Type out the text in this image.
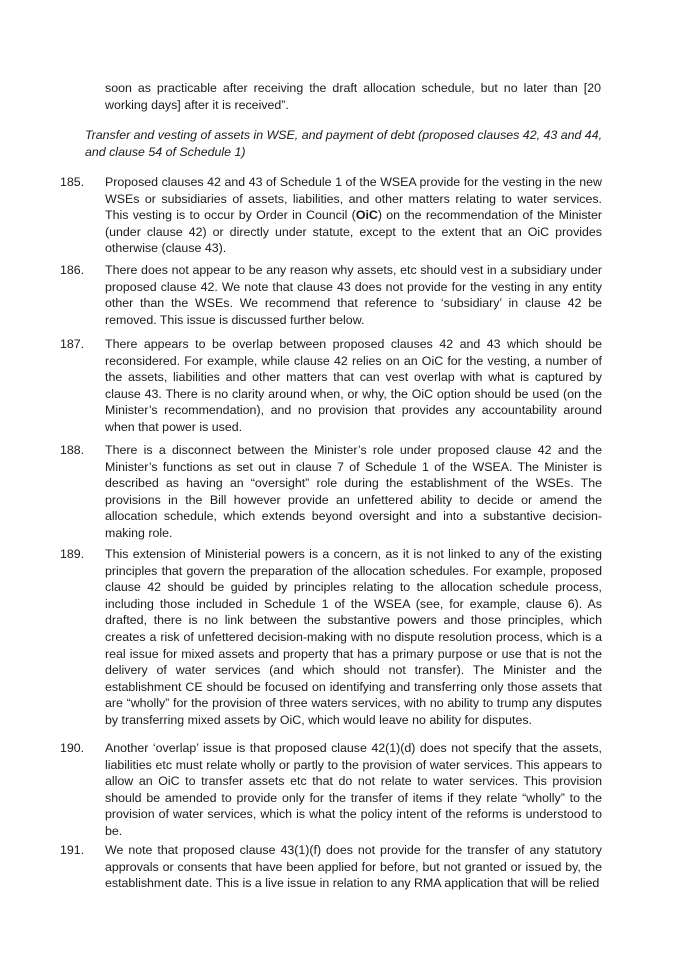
soon as practicable after receiving the draft allocation schedule, but no later than [20 working days] after it is received”.

Transfer and vesting of assets in WSE, and payment of debt (proposed clauses 42, 43 and 44, and clause 54 of Schedule 1)

185.	Proposed clauses 42 and 43 of Schedule 1 of the WSEA provide for the vesting in the new WSEs or subsidiaries of assets, liabilities, and other matters relating to water services. This vesting is to occur by Order in Council (OiC) on the recommendation of the Minister (under clause 42) or directly under statute, except to the extent that an OiC provides otherwise (clause 43).

186.	There does not appear to be any reason why assets, etc should vest in a subsidiary under proposed clause 42. We note that clause 43 does not provide for the vesting in any entity other than the WSEs. We recommend that reference to ‘subsidiary’ in clause 42 be removed. This issue is discussed further below.

187.	There appears to be overlap between proposed clauses 42 and 43 which should be reconsidered. For example, while clause 42 relies on an OiC for the vesting, a number of the assets, liabilities and other matters that can vest overlap with what is captured by clause 43. There is no clarity around when, or why, the OiC option should be used (on the Minister’s recommendation), and no provision that provides any accountability around when that power is used.

188.	There is a disconnect between the Minister’s role under proposed clause 42 and the Minister’s functions as set out in clause 7 of Schedule 1 of the WSEA. The Minister is described as having an “oversight” role during the establishment of the WSEs. The provisions in the Bill however provide an unfettered ability to decide or amend the allocation schedule, which extends beyond oversight and into a substantive decision-making role.

189.	This extension of Ministerial powers is a concern, as it is not linked to any of the existing principles that govern the preparation of the allocation schedules. For example, proposed clause 42 should be guided by principles relating to the allocation schedule process, including those included in Schedule 1 of the WSEA (see, for example, clause 6). As drafted, there is no link between the substantive powers and those principles, which creates a risk of unfettered decision-making with no dispute resolution process, which is a real issue for mixed assets and property that has a primary purpose or use that is not the delivery of water services (and which should not transfer). The Minister and the establishment CE should be focused on identifying and transferring only those assets that are “wholly” for the provision of three waters services, with no ability to trump any disputes by transferring mixed assets by OiC, which would leave no ability for disputes.

190.	Another ‘overlap’ issue is that proposed clause 42(1)(d) does not specify that the assets, liabilities etc must relate wholly or partly to the provision of water services. This appears to allow an OiC to transfer assets etc that do not relate to water services. This provision should be amended to provide only for the transfer of items if they relate “wholly” to the provision of water services, which is what the policy intent of the reforms is understood to be.

191.	We note that proposed clause 43(1)(f) does not provide for the transfer of any statutory approvals or consents that have been applied for before, but not granted or issued by, the establishment date. This is a live issue in relation to any RMA application that will be relied
